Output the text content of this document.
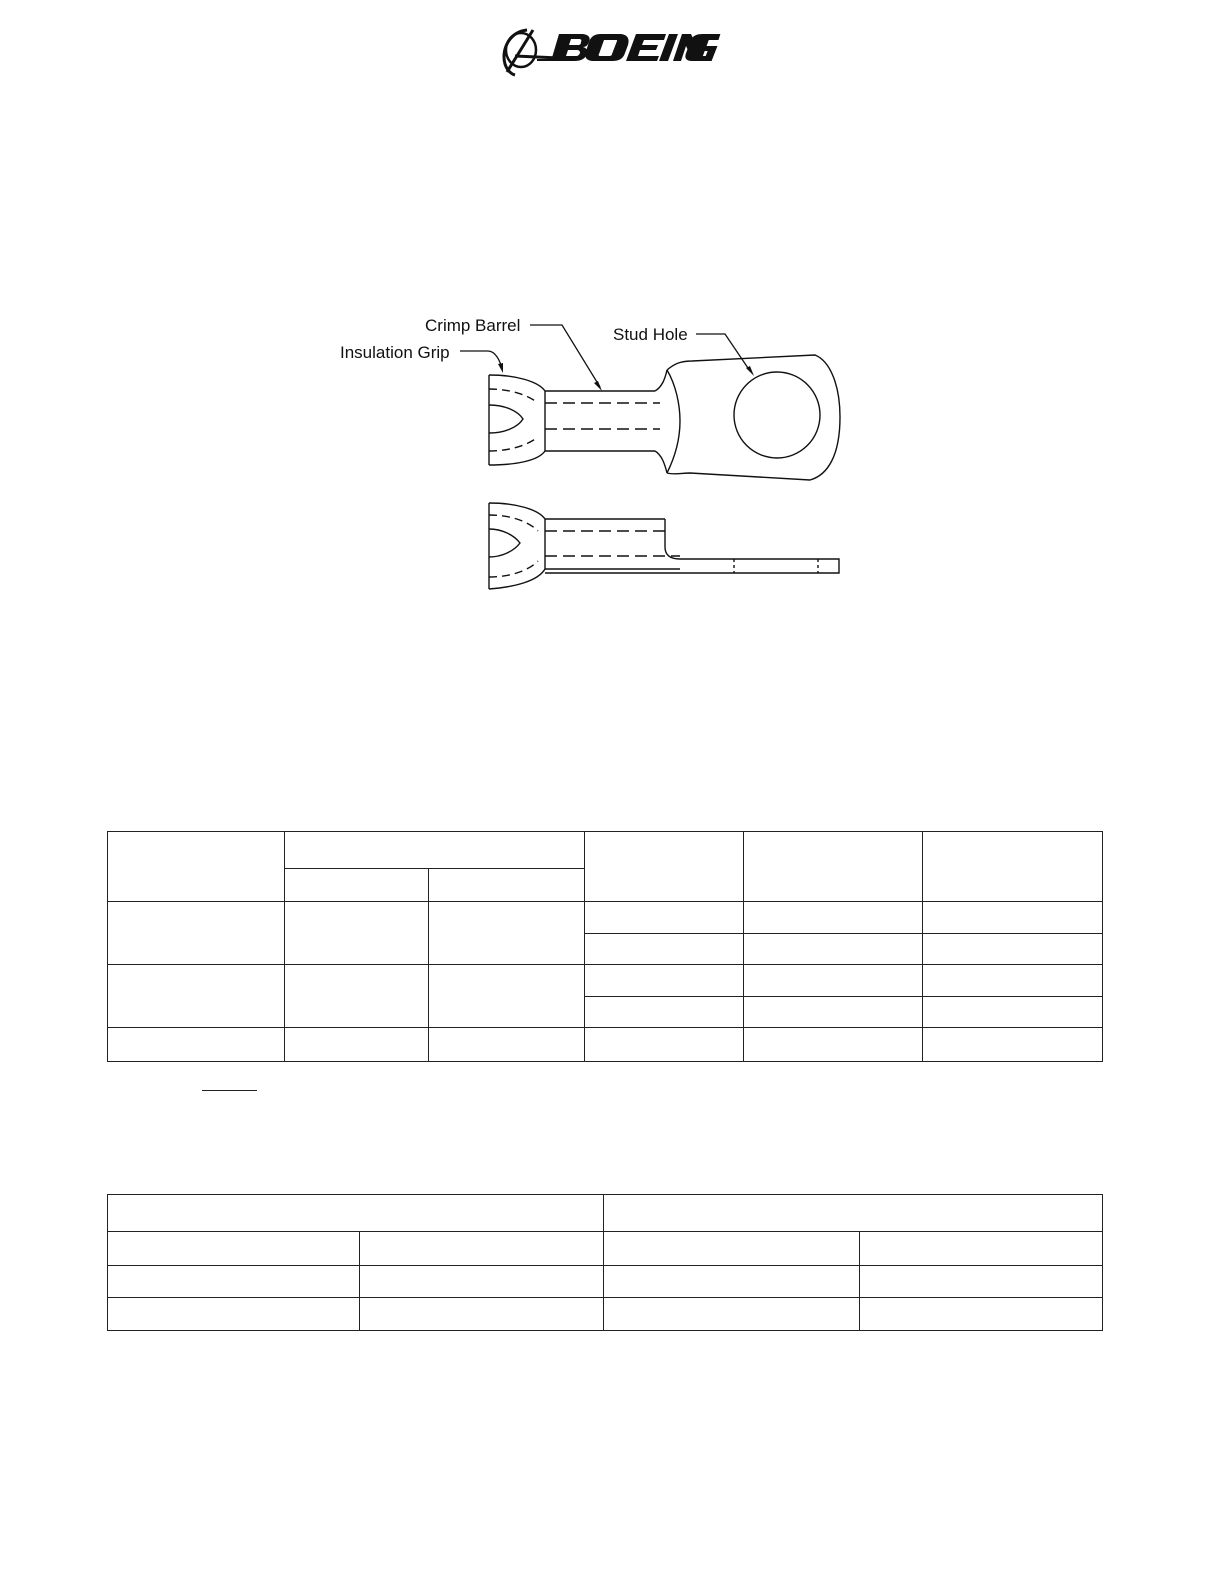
Crimp Barrel
Insulation Grip
Stud Hole
